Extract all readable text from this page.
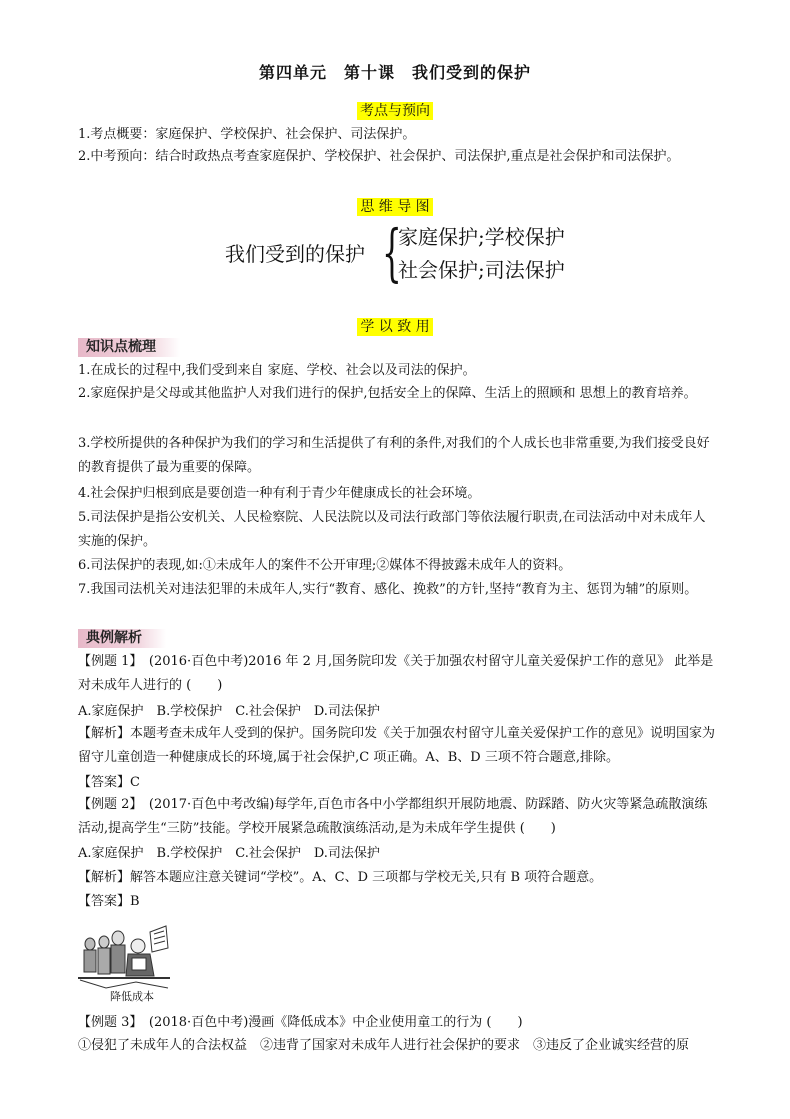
第四单元　第十课　我们受到的保护
考点与预向
1.考点概要：家庭保护、学校保护、社会保护、司法保护。
2.中考预向：结合时政热点考查家庭保护、学校保护、社会保护、司法保护,重点是社会保护和司法保护。
思 维 导 图
我们受到的保护 {
家庭保护;学校保护
社会保护;司法保护
学 以 致 用
知识点梳理
1.在成长的过程中,我们受到来自 家庭、学校、社会以及司法的保护。
2.家庭保护是父母或其他监护人对我们进行的保护,包括安全上的保障、生活上的照顾和 思想上的教育培养。
3.学校所提供的各种保护为我们的学习和生活提供了有利的条件,对我们的个人成长也非常重要,为我们接受良好的教育提供了最为重要的保障。
4.社会保护归根到底是要创造一种有利于青少年健康成长的社会环境。
5.司法保护是指公安机关、人民检察院、人民法院以及司法行政部门等依法履行职责,在司法活动中对未成年人实施的保护。
6.司法保护的表现,如:①未成年人的案件不公开审理;②媒体不得披露未成年人的资料。
7.我国司法机关对违法犯罪的未成年人,实行“教育、感化、挽救”的方针,坚持“教育为主、惩罚为辅”的原则。
典例解析
【例题 1】　(2016·百色中考)2016 年 2 月,国务院印发《关于加强农村留守儿童关爱保护工作的意见》 此举是对未成年人进行的 (　　)
A.家庭保护　B.学校保护　C.社会保护　D.司法保护
【解析】本题考查未成年人受到的保护。国务院印发《关于加强农村留守儿童关爱保护工作的意见》说明国家为留守儿童创造一种健康成长的环境,属于社会保护,C 项正确。A、B、D 三项不符合题意,排除。
【答案】C
【例题 2】　(2017·百色中考改编)每学年,百色市各中小学都组织开展防地震、防踩踏、防火灾等紧急疏散演练活动,提高学生“三防”技能。学校开展紧急疏散演练活动,是为未成年学生提供 (　　)
A.家庭保护　B.学校保护　C.社会保护　D.司法保护
【解析】解答本题应注意关键词“学校”。A、C、D 三项都与学校无关,只有 B 项符合题意。
【答案】B
降低成本
【例题 3】　(2018·百色中考)漫画《降低成本》中企业使用童工的行为 (　　)
①侵犯了未成年人的合法权益　②违背了国家对未成年人进行社会保护的要求　③违反了企业诚实经营的原
